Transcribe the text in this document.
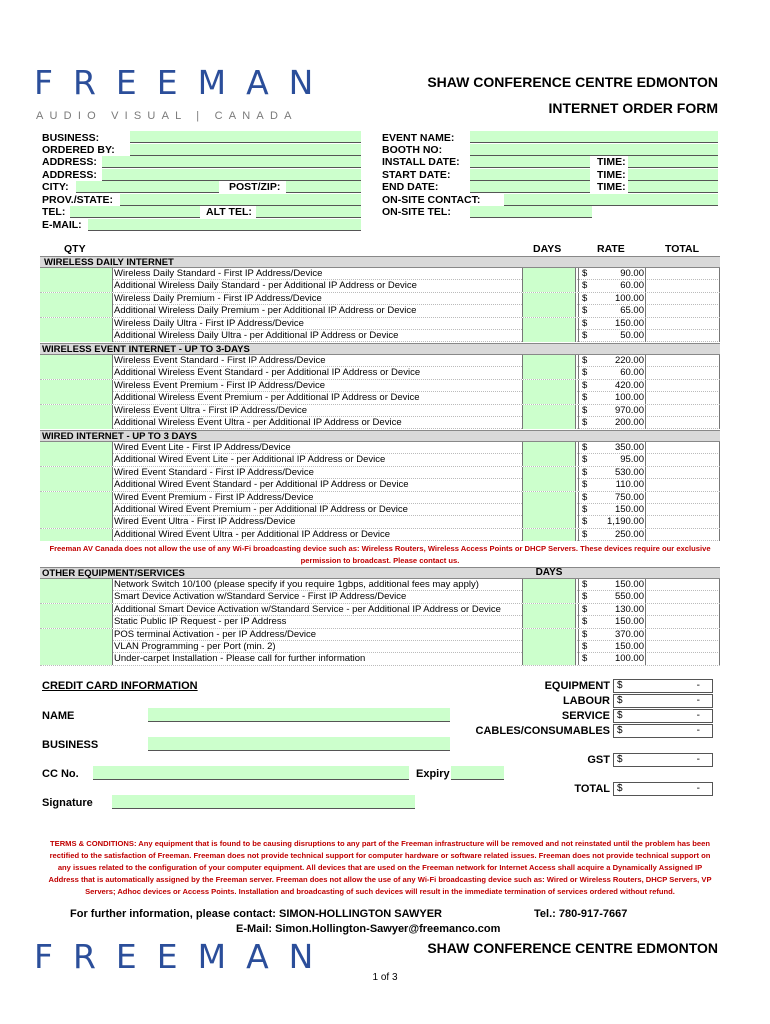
FREEMAN
AUDIO VISUAL | CANADA
SHAW CONFERENCE CENTRE EDMONTON
INTERNET ORDER FORM
BUSINESS:
ORDERED BY:
ADDRESS:
ADDRESS:
CITY:	POST/ZIP:
PROV./STATE:
TEL:	ALT TEL:
E-MAIL:
EVENT NAME:
BOOTH NO:
INSTALL DATE:	TIME:
START DATE:	TIME:
END DATE:	TIME:
ON-SITE CONTACT:
ON-SITE TEL:
QTY	DAYS	RATE	TOTAL
WIRELESS DAILY INTERNET
Wireless Daily Standard - First IP Address/Device	$	90.00
Additional Wireless Daily Standard - per Additional IP Address or Device	$	60.00
Wireless Daily Premium - First IP Address/Device	$	100.00
Additional Wireless Daily Premium - per Additional IP Address or Device	$	65.00
Wireless Daily Ultra - First IP Address/Device	$	150.00
Additional Wireless Daily Ultra - per Additional IP Address or Device	$	50.00
WIRELESS EVENT INTERNET - UP TO 3-DAYS
Wireless Event Standard - First IP Address/Device	$	220.00
Additional Wireless Event Standard - per Additional IP Address or Device	$	60.00
Wireless Event Premium - First IP Address/Device	$	420.00
Additional Wireless Event Premium - per Additional IP Address or Device	$	100.00
Wireless Event Ultra - First IP Address/Device	$	970.00
Additional Wireless Event Ultra - per Additional IP Address or Device	$	200.00
WIRED INTERNET - UP TO 3 DAYS
Wired Event Lite - First IP Address/Device	$	350.00
Additional Wired Event Lite - per Additional IP Address or Device	$	95.00
Wired Event Standard - First IP Address/Device	$	530.00
Additional Wired Event Standard - per Additional IP Address or Device	$	110.00
Wired Event Premium - First IP Address/Device	$	750.00
Additional Wired Event Premium - per Additional IP Address or Device	$	150.00
Wired Event Ultra - First IP Address/Device	$	1,190.00
Additional Wired Event Ultra - per Additional IP Address or Device	$	250.00
Freeman AV Canada does not allow the use of any Wi-Fi broadcasting device such as: Wireless Routers, Wireless Access Points or DHCP Servers. These devices require our exclusive
permission to broadcast. Please contact us.
OTHER EQUIPMENT/SERVICES	DAYS
Network Switch 10/100 (please specify if you require 1gbps, additional fees may apply)	$	150.00
Smart Device Activation w/Standard Service - First IP Address/Device	$	550.00
Additional Smart Device Activation w/Standard Service - per Additional IP Address or Device	$	130.00
Static Public IP Request - per IP Address	$	150.00
POS terminal Activation - per IP Address/Device	$	370.00
VLAN Programming - per Port (min. 2)	$	150.00
Under-carpet Installation - Please call for further information	$	100.00
CREDIT CARD INFORMATION
NAME
BUSINESS
CC No.	Expiry
Signature
EQUIPMENT $	-
LABOUR $	-
SERVICE $	-
CABLES/CONSUMABLES $	-
GST $	-
TOTAL $	-
TERMS & CONDITIONS: Any equipment that is found to be causing disruptions to any part of the Freeman infrastructure will be removed and not reinstated until the problem has been
rectified to the satisfaction of Freeman. Freeman does not provide technical support for computer hardware or software related issues. Freeman does not provide technical support on
any issues related to the configuration of your computer equipment. All devices that are used on the Freeman network for Internet Access shall acquire a Dynamically Assigned IP
Address that is automatically assigned by the Freeman server. Freeman does not allow the use of any Wi-Fi broadcasting device such as: Wired or Wireless Routers, DHCP Servers, VP
Servers; Adhoc devices or Access Points. Installation and broadcasting of such devices will result in the immediate termination of services ordered without refund.
For further information, please contact: SIMON-HOLLINGTON SAWYER	Tel.: 780-917-7667
E-Mail: Simon.Hollington-Sawyer@freemanco.com
FREEMAN	SHAW CONFERENCE CENTRE EDMONTON
1 of 3
